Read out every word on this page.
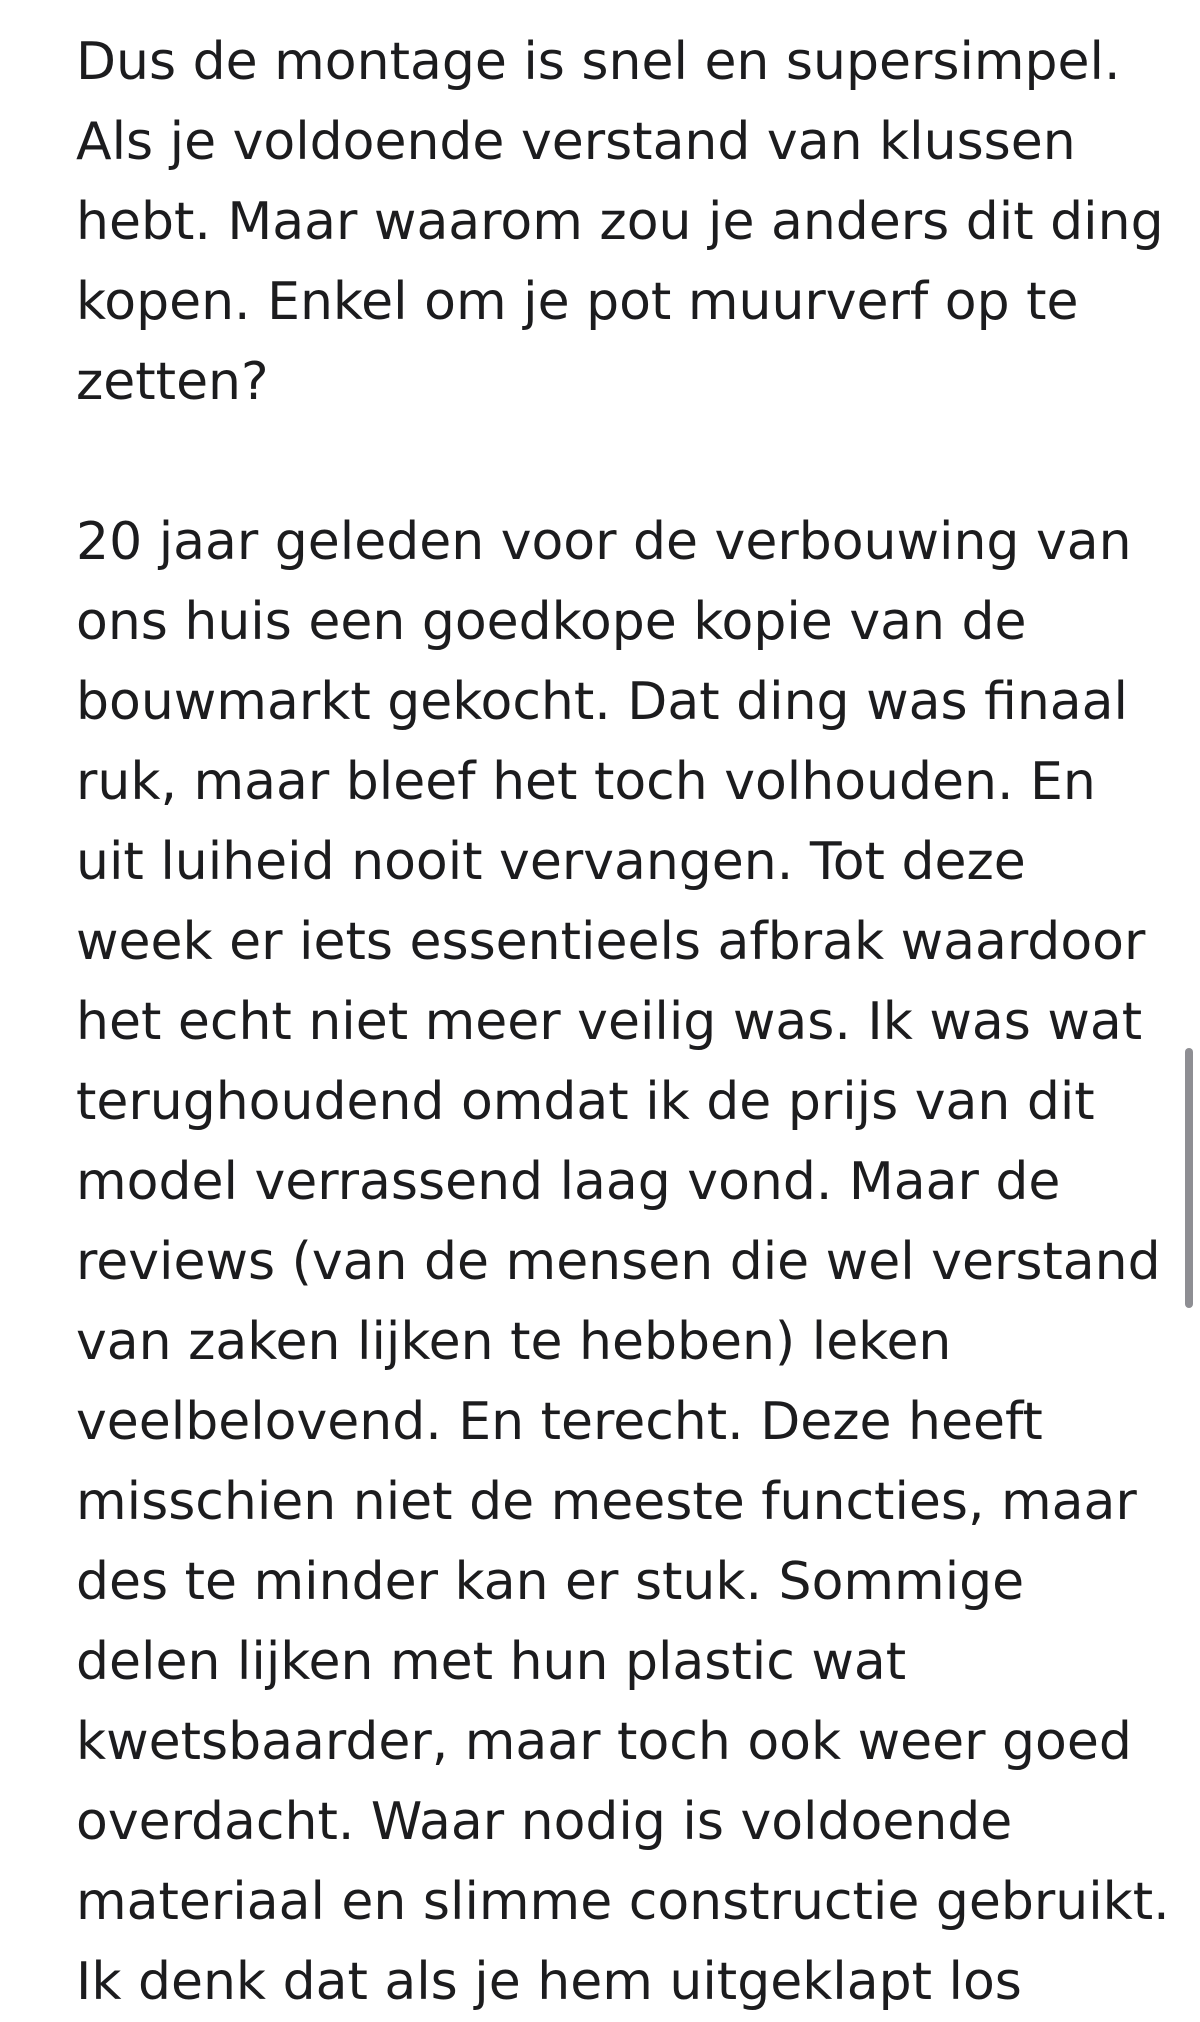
Dus de montage is snel en supersimpel.
Als je voldoende verstand van klussen
hebt. Maar waarom zou je anders dit ding
kopen. Enkel om je pot muurverf op te
zetten?
20 jaar geleden voor de verbouwing van
ons huis een goedkope kopie van de
bouwmarkt gekocht. Dat ding was finaal
ruk, maar bleef het toch volhouden. En
uit luiheid nooit vervangen. Tot deze
week er iets essentieels afbrak waardoor
het echt niet meer veilig was. Ik was wat
terughoudend omdat ik de prijs van dit
model verrassend laag vond. Maar de
reviews (van de mensen die wel verstand
van zaken lijken te hebben) leken
veelbelovend. En terecht. Deze heeft
misschien niet de meeste functies, maar
des te minder kan er stuk. Sommige
delen lijken met hun plastic wat
kwetsbaarder, maar toch ook weer goed
overdacht. Waar nodig is voldoende
materiaal en slimme constructie gebruikt.
Ik denk dat als je hem uitgeklapt los
